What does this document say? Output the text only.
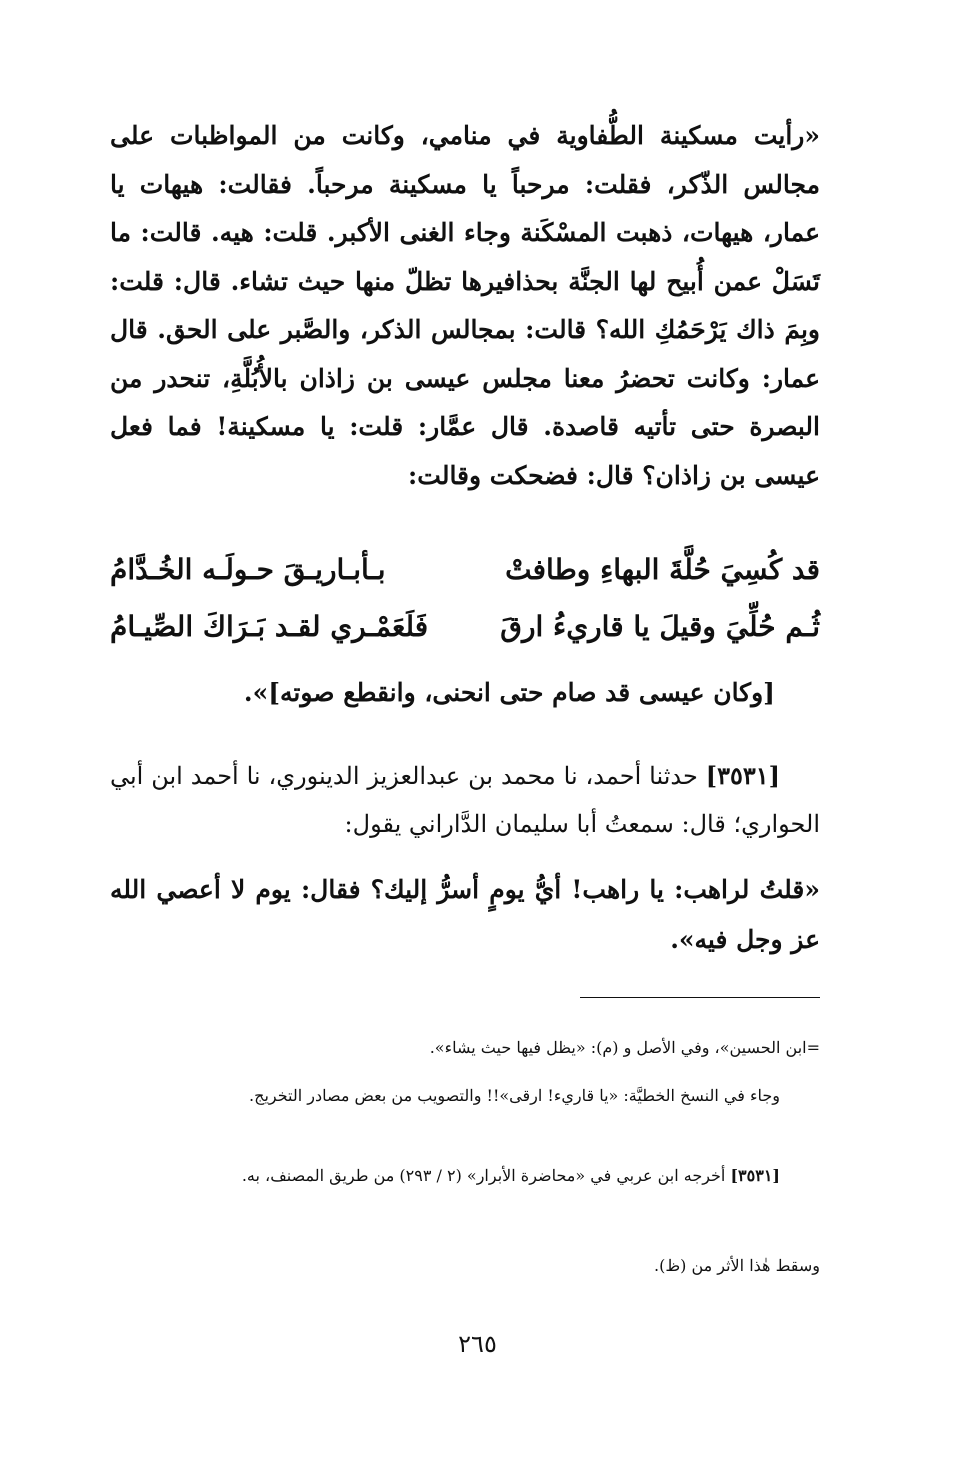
«رأيت مسكينة الطُّفاوية في منامي، وكانت من المواظبات على مجالس الذّكر، فقلت: مرحباً يا مسكينة مرحباً. فقالت: هيهات يا عمار، هيهات، ذهبت المسْكَنة وجاء الغنى الأكبر. قلت: هيه. قالت: ما تَسَلْ عمن أُبيح لها الجنَّة بحذافيرها تظلّ منها حيث تشاء. قال: قلت: وبِمَ ذاك يَرْحَمُكِ الله؟ قالت: بمجالس الذكر، والصَّبر على الحق. قال عمار: وكانت تحضرُ معنا مجلس عيسى بن زاذان بالأُبُلَّةِ، تنحدر من البصرة حتى تأتيه قاصدة. قال عمَّار: قلت: يا مسكينة! فما فعل عيسى بن زاذان؟ قال: فضحكت وقالت:
قد كُسِيَ حُلَّةَ البهاءِ وطافتْ
بـأبـاريـقَ حـولَـه الخُـدَّامُ
ثُـم حُلِّيَ وقيلَ يا قاريءُ ارقَ
فَلَعَمْـري لقـد بَـرَاكَ الصِّيـامُ
[وكان عيسى قد صام حتى انحنى، وانقطع صوته]».
[٣٥٣١] حدثنا أحمد، نا محمد بن عبدالعزيز الدينوري، نا أحمد ابن أبي الحواري؛ قال: سمعتُ أبا سليمان الدَّاراني يقول:
«قلتُ لراهب: يا راهب! أيُّ يومٍ أسرُّ إليك؟ فقال: يوم لا أعصي الله عز وجل فيه».
=ابن الحسين»، وفي الأصل و (م): «يظل فيها حيث يشاء».
وجاء في النسخ الخطيَّة: «يا قاريء! ارقى»!! والتصويب من بعض مصادر التخريج.
[٣٥٣١] أخرجه ابن عربي في «محاضرة الأبرار» (٢ / ٢٩٣) من طريق المصنف، به.
وسقط هٰذا الأثر من (ظ).
٢٦٥
